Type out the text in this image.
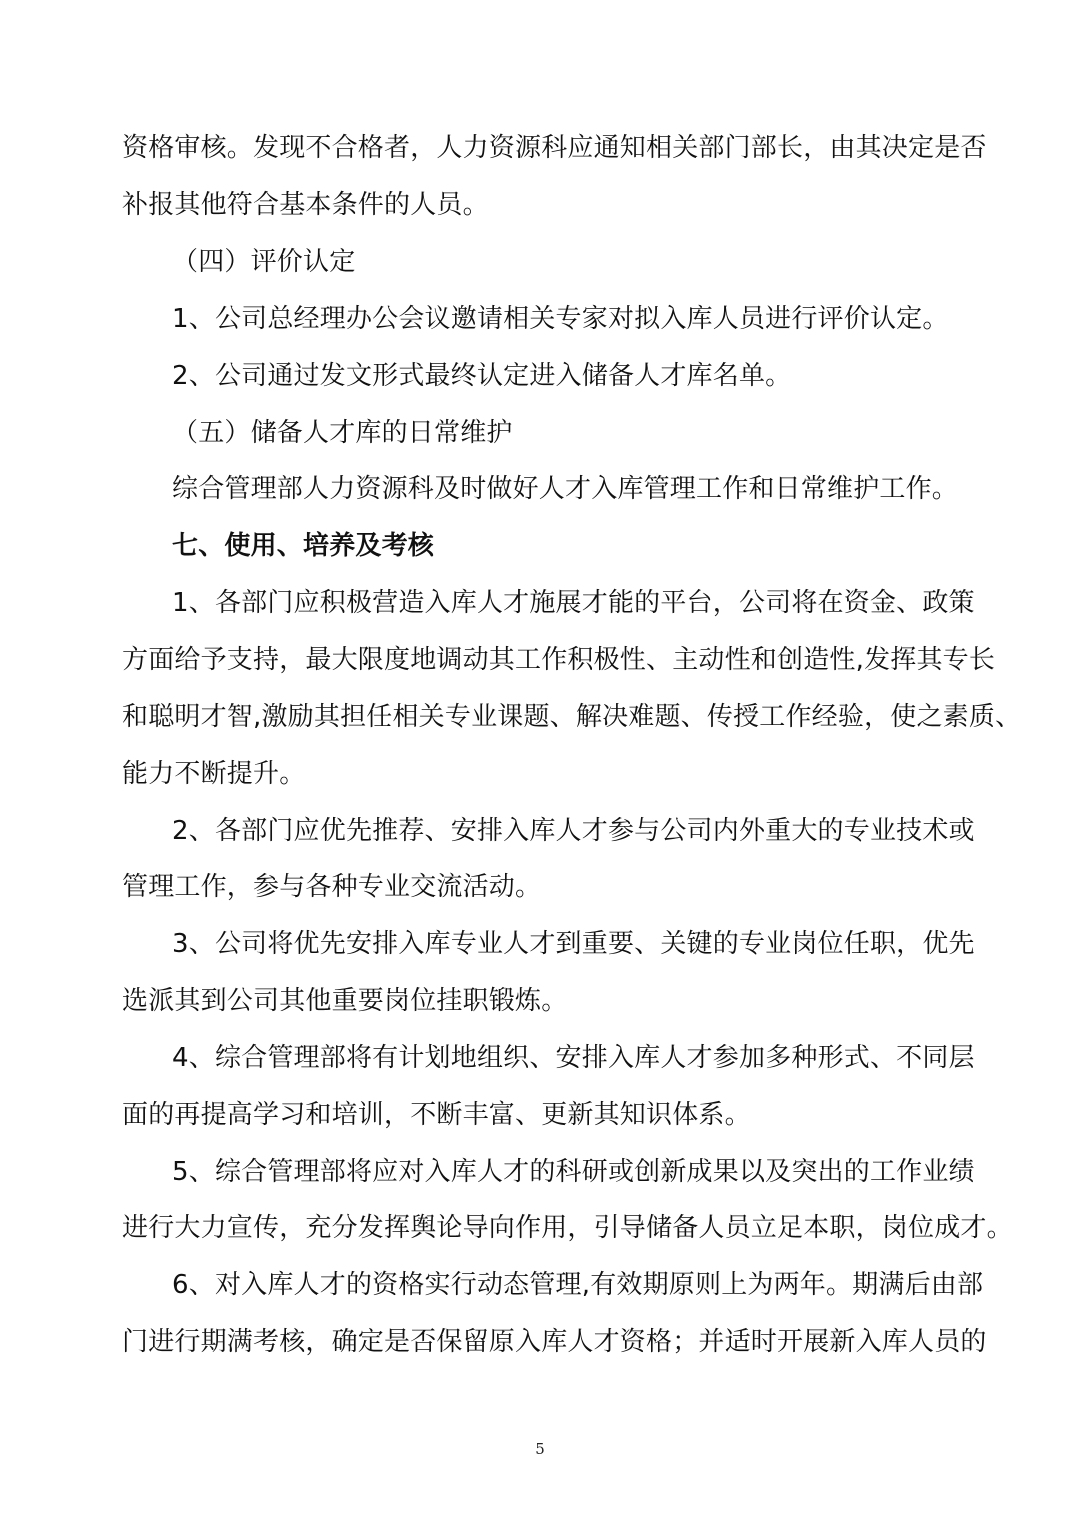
资格审核。发现不合格者，人力资源科应通知相关部门部长，由其决定是否
补报其他符合基本条件的人员。
（四）评价认定
1、公司总经理办公会议邀请相关专家对拟入库人员进行评价认定。
2、公司通过发文形式最终认定进入储备人才库名单。
（五）储备人才库的日常维护
综合管理部人力资源科及时做好人才入库管理工作和日常维护工作。
七、使用、培养及考核
1、各部门应积极营造入库人才施展才能的平台，公司将在资金、政策
方面给予支持，最大限度地调动其工作积极性、主动性和创造性,发挥其专长
和聪明才智,激励其担任相关专业课题、解决难题、传授工作经验，使之素质、
能力不断提升。
2、各部门应优先推荐、安排入库人才参与公司内外重大的专业技术或
管理工作，参与各种专业交流活动。
3、公司将优先安排入库专业人才到重要、关键的专业岗位任职，优先
选派其到公司其他重要岗位挂职锻炼。
4、综合管理部将有计划地组织、安排入库人才参加多种形式、不同层
面的再提高学习和培训，不断丰富、更新其知识体系。
5、综合管理部将应对入库人才的科研或创新成果以及突出的工作业绩
进行大力宣传，充分发挥舆论导向作用，引导储备人员立足本职，岗位成才。
6、对入库人才的资格实行动态管理,有效期原则上为两年。期满后由部
门进行期满考核，确定是否保留原入库人才资格；并适时开展新入库人员的
5
